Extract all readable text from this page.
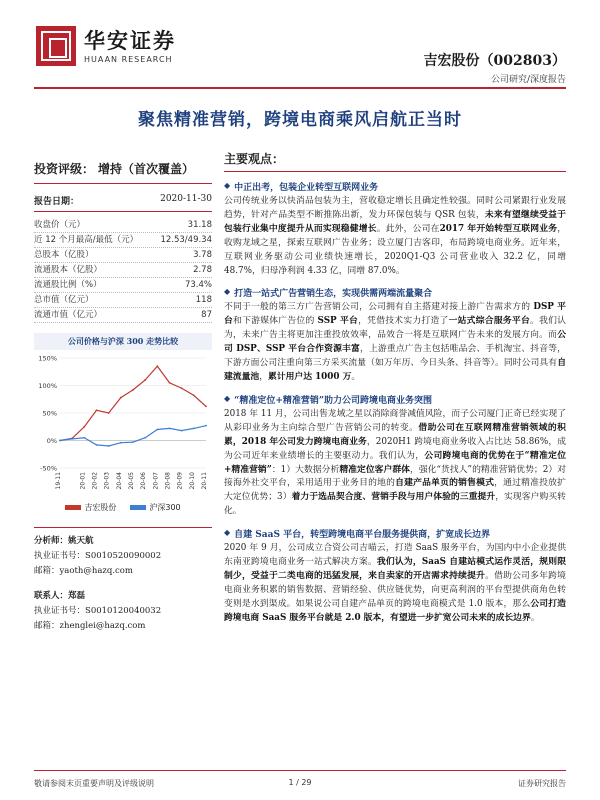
华安证券
HUAAN RESEARCH	吉宏股份（002803）
公司研究/深度报告
聚焦精准营销，跨境电商乘风启航正当时
投资评级： 增持（首次覆盖）
报告日期：	2020-11-30
收盘价（元）	31.18
近 12 个月最高/最低（元）	12.53/49.34
总股本（亿股）	3.78
流通股本（亿股）	2.78
流通股比例（%）	73.4%
总市值（亿元）	118
流通市值（亿元）	87
公司价格与沪深 300 走势比较
150%
100%
50%
0%
-50%
19-11	20-01 20-02 20-03 20-04 20-05 20-06 20-07 20-08 20-09 20-10 20-11
吉宏股份	沪深300
分析师：姚天航
执业证书号：S0010520090002
邮箱：yaoth@hazq.com
联系人：郑磊
执业证书号：S0010120040032
邮箱：zhenglei@hazq.com
主要观点：
◆ 中正出考，包装企业转型互联网业务
公司传统业务以快消品包装为主，营收稳定增长且确定性较强。同时公司紧跟行业发展趋势，针对产品类型不断推陈出新，发力环保包装与 QSR 包装，未来有望继续受益于包装行业集中度提升从而实现稳健增长。此外，公司在2017 年开始转型互联网业务，收购龙域之星，探索互联网广告业务；设立厦门吉客印，布局跨境电商业务。近年来，互联网业务驱动公司业绩快速增长，2020Q1-Q3 公司营业收入 32.2 亿，同增 48.7%，归母净利润 4.33 亿，同增 87.0%。
◆ 打造一站式广告营销生态，实现供需两端流量聚合
不同于一般的第三方广告营销公司，公司拥有自主搭建对接上游广告需求方的 DSP 平台和下游媒体广告位的 SSP 平台，凭借技术实力打造了一站式综合服务平台。我们认为，未来广告主将更加注重投放效率，品效合一将是互联网广告未来的发展方向。而公司 DSP、SSP 平台合作资源丰富，上游重点广告主包括唯品会、手机淘宝、抖音等，下游方面公司注重向第三方采买流量（如万年历、今日头条、抖音等）。同时公司具有自建流量池，累计用户达 1000 万。
◆ “精准定位+精准营销”助力公司跨境电商业务突围
2018 年 11 月，公司出售龙域之星以消除商誉减值风险，而子公司厦门正奇已经实现了从彩印业务为主向综合型广告营销公司的转变。借助公司在互联网精准营销领域的积累，2018 年公司发力跨境电商业务，2020H1 跨境电商业务收入占比达 58.86%，成为公司近年来业绩增长的主要驱动力。我们认为，公司跨境电商的优势在于“精准定位+精准营销”：1）大数据分析精准定位客户群体，强化“货找人”的精准营销优势；2）对接海外社交平台，采用适用于业务目的地的自建产品单页的销售模式，通过精准投放扩大定位优势；3）着力于选品契合度、营销手段与用户体验的三重提升，实现客户购买转化。
◆ 自建 SaaS 平台，转型跨境电商平台服务提供商，扩宽成长边界
2020 年 9 月，公司成立合资公司吉喵云，打造 SaaS 服务平台，为国内中小企业提供东南亚跨境电商业务一站式解决方案。我们认为，SaaS 自建站模式运作灵活，规则限制少，受益于二类电商的迅猛发展，来自卖家的开店需求持续提升。借助公司多年跨境电商业务积累的销售数据、营销经验、供应链优势，向更高利润的平台型提供商角色转变则是水到渠成。如果说公司自建产品单页的跨境电商模式是 1.0 版本，那么公司打造跨境电商 SaaS 服务平台就是 2.0 版本，有望进一步扩宽公司未来的成长边界。
敬请参阅末页重要声明及评级说明	1 / 29	证券研究报告
